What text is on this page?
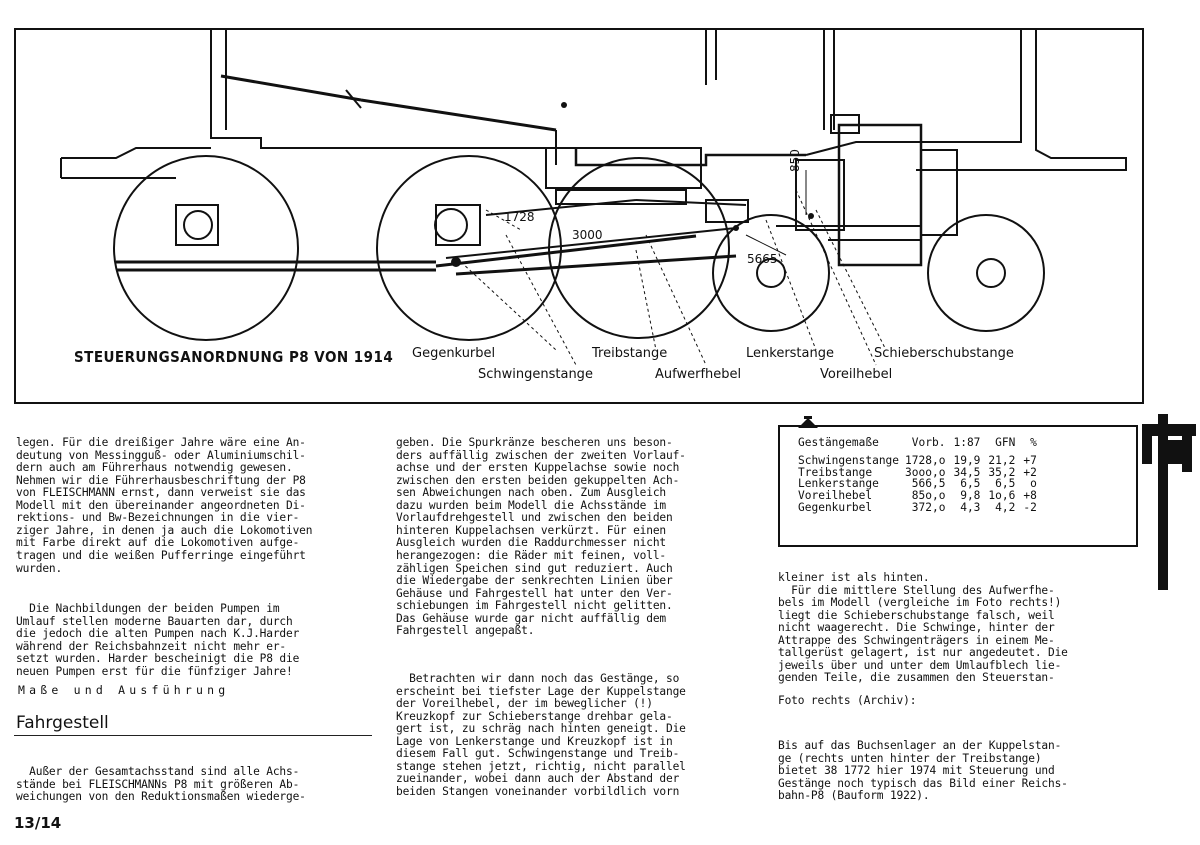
1728
3000
850
5665
STEUERUNGSANORDNUNG P8 VON 1914 Gegenkurbel
Schwingenstange
Treibstange
Aufwerfhebel
Lenkerstange
Voreilhebel
Schieberschubstange

legen. Für die dreißiger Jahre wäre eine An-

deutung von Messingguß- oder Aluminiumschil-

dern auch am Führerhaus notwendig gewesen.

Nehmen wir die Führerhausbeschriftung der P8

von FLEISCHMANN ernst, dann verweist sie das

Modell mit den übereinander angeordneten Di-

rektions- und Bw-Bezeichnungen in die vier-

ziger Jahre, in denen ja auch die Lokomotiven

mit Farbe direkt auf die Lokomotiven aufge-

tragen und die weißen Pufferringe eingeführt

wurden.

Die Nachbildungen der beiden Pumpen im

Umlauf stellen moderne Bauarten dar, durch

die jedoch die alten Pumpen nach K.J.Harder

während der Reichsbahnzeit nicht mehr er-

setzt wurden. Harder bescheinigt die P8 die

neuen Pumpen erst für die fünfziger Jahre!

Maße und Ausführung
Fahrgestell

Außer der Gesamtachsstand sind alle Achs-

stände bei FLEISCHMANNs P8 mit größeren Ab-

weichungen von den Reduktionsmaßen wiederge-

13/14

geben. Die Spurkränze bescheren uns beson-

ders auffällig zwischen der zweiten Vorlauf-

achse und der ersten Kuppelachse sowie noch

zwischen den ersten beiden gekuppelten Ach-

sen Abweichungen nach oben. Zum Ausgleich

dazu wurden beim Modell die Achsstände im

Vorlaufdrehgestell und zwischen den beiden

hinteren Kuppelachsen verkürzt. Für einen

Ausgleich wurden die Raddurchmesser nicht

herangezogen: die Räder mit feinen, voll-

zähligen Speichen sind gut reduziert. Auch

die Wiedergabe der senkrechten Linien über

Gehäuse und Fahrgestell hat unter den Ver-

schiebungen im Fahrgestell nicht gelitten.

Das Gehäuse wurde gar nicht auffällig dem

Fahrgestell angepaßt.

Betrachten wir dann noch das Gestänge, so

erscheint bei tiefster Lage der Kuppelstange

der Voreilhebel, der im beweglicher (!)

Kreuzkopf zur Schieberstange drehbar gela-

gert ist, zu schräg nach hinten geneigt. Die

Lage von Lenkerstange und Kreuzkopf ist in

diesem Fall gut. Schwingenstange und Treib-

stange stehen jetzt, richtig, nicht parallel

zueinander, wobei dann auch der Abstand der

beiden Stangen voneinander vorbildlich vorn

Gestängemaße	Vorb.	1:87	GFN	%
Schwingenstange	1728,o	19,9	21,2	+7
Treibstange	3ooo,o	34,5	35,2	+2
Lenkerstange	566,5	6,5	6,5	o
Voreilhebel	85o,o	9,8	1o,6	+8
Gegenkurbel	372,o	4,3	4,2	-2

kleiner ist als hinten.

Für die mittlere Stellung des Aufwerfhe-

bels im Modell (vergleiche im Foto rechts!)

liegt die Schieberschubstange falsch, weil

nicht waagerecht. Die Schwinge, hinter der

Attrappe des Schwingenträgers in einem Me-

tallgerüst gelagert, ist nur angedeutet. Die

jeweils über und unter dem Umlaufblech lie-

genden Teile, die zusammen den Steuerstan-

Foto rechts (Archiv):

Bis auf das Buchsenlager an der Kuppelstan-

ge (rechts unten hinter der Treibstange)

bietet 38 1772 hier 1974 mit Steuerung und

Gestänge noch typisch das Bild einer Reichs-

bahn-P8 (Bauform 1922).
